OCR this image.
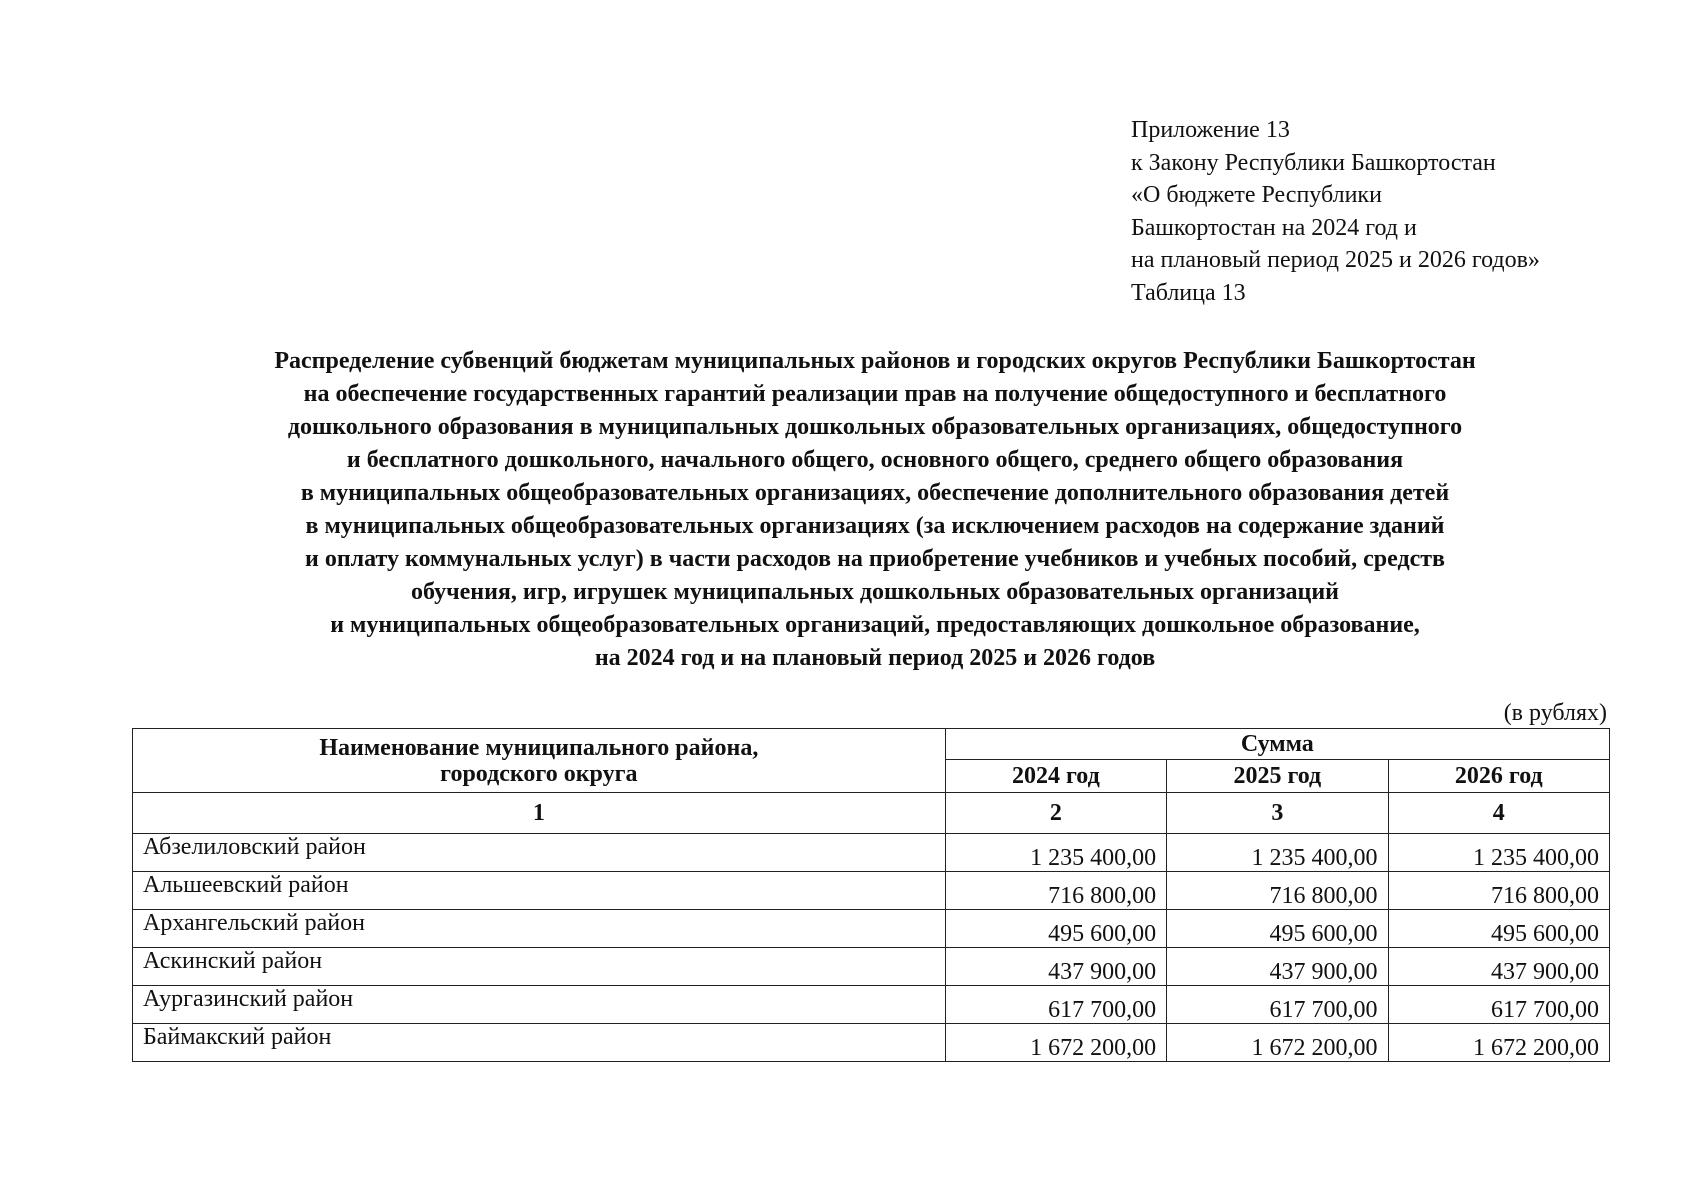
Приложение 13
к Закону Республики Башкортостан
«О бюджете Республики
Башкортостан на 2024 год и
на плановый период 2025 и 2026 годов»
Таблица 13
Распределение субвенций бюджетам муниципальных районов и городских округов Республики Башкортостан
на обеспечение государственных гарантий реализации прав на получение общедоступного и бесплатного
дошкольного образования в муниципальных дошкольных образовательных организациях, общедоступного
и бесплатного дошкольного, начального общего, основного общего, среднего общего образования
в муниципальных общеобразовательных организациях, обеспечение дополнительного образования детей
в муниципальных общеобразовательных организациях (за исключением расходов на содержание зданий
и оплату коммунальных услуг) в части расходов на приобретение учебников и учебных пособий, средств
обучения, игр, игрушек муниципальных дошкольных образовательных организаций
и муниципальных общеобразовательных организаций, предоставляющих дошкольное образование,
на 2024 год и на плановый период 2025 и 2026 годов
(в рублях)
Наименование муниципального района,
городского округа	Сумма		
	2024 год	2025 год	2026 год
1	2	3	4
Абзелиловский район	1 235 400,00	1 235 400,00	1 235 400,00
Альшеевский район	716 800,00	716 800,00	716 800,00
Архангельский район	495 600,00	495 600,00	495 600,00
Аскинский район	437 900,00	437 900,00	437 900,00
Аургазинский район	617 700,00	617 700,00	617 700,00
Баймакский район	1 672 200,00	1 672 200,00	1 672 200,00
